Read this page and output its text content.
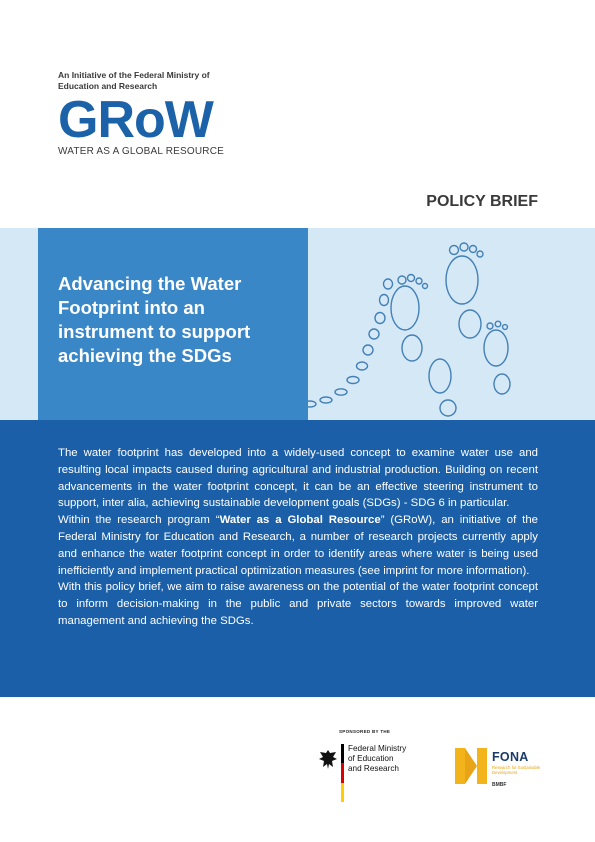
An Initiative of the Federal Ministry of Education and Research
GRoW
WATER AS A GLOBAL RESOURCE
POLICY BRIEF
Advancing the Water Footprint into an instrument to support achieving the SDGs

The water footprint has developed into a widely-used concept to examine water use and resulting local impacts caused during agricultural and industrial production. Building on recent advancements in the water footprint concept, it can be an effective steering instrument to support, inter alia, achieving sustainable development goals (SDGs) - SDG 6 in particular.

Within the research program “Water as a Global Resource” (GRoW), an initiative of the Federal Ministry for Education and Research, a number of research projects currently apply and enhance the water footprint concept in order to identify areas where water is being used inefficiently and implement practical optimization measures (see imprint for more information).

With this policy brief, we aim to raise awareness on the potential of the water footprint concept to inform decision-making in the public and private sectors towards improved water management and achieving the SDGs.

SPONSORED BY THE
Federal Ministry
of Education
and Research
FONA
Research for Sustainable Development
BMBF
